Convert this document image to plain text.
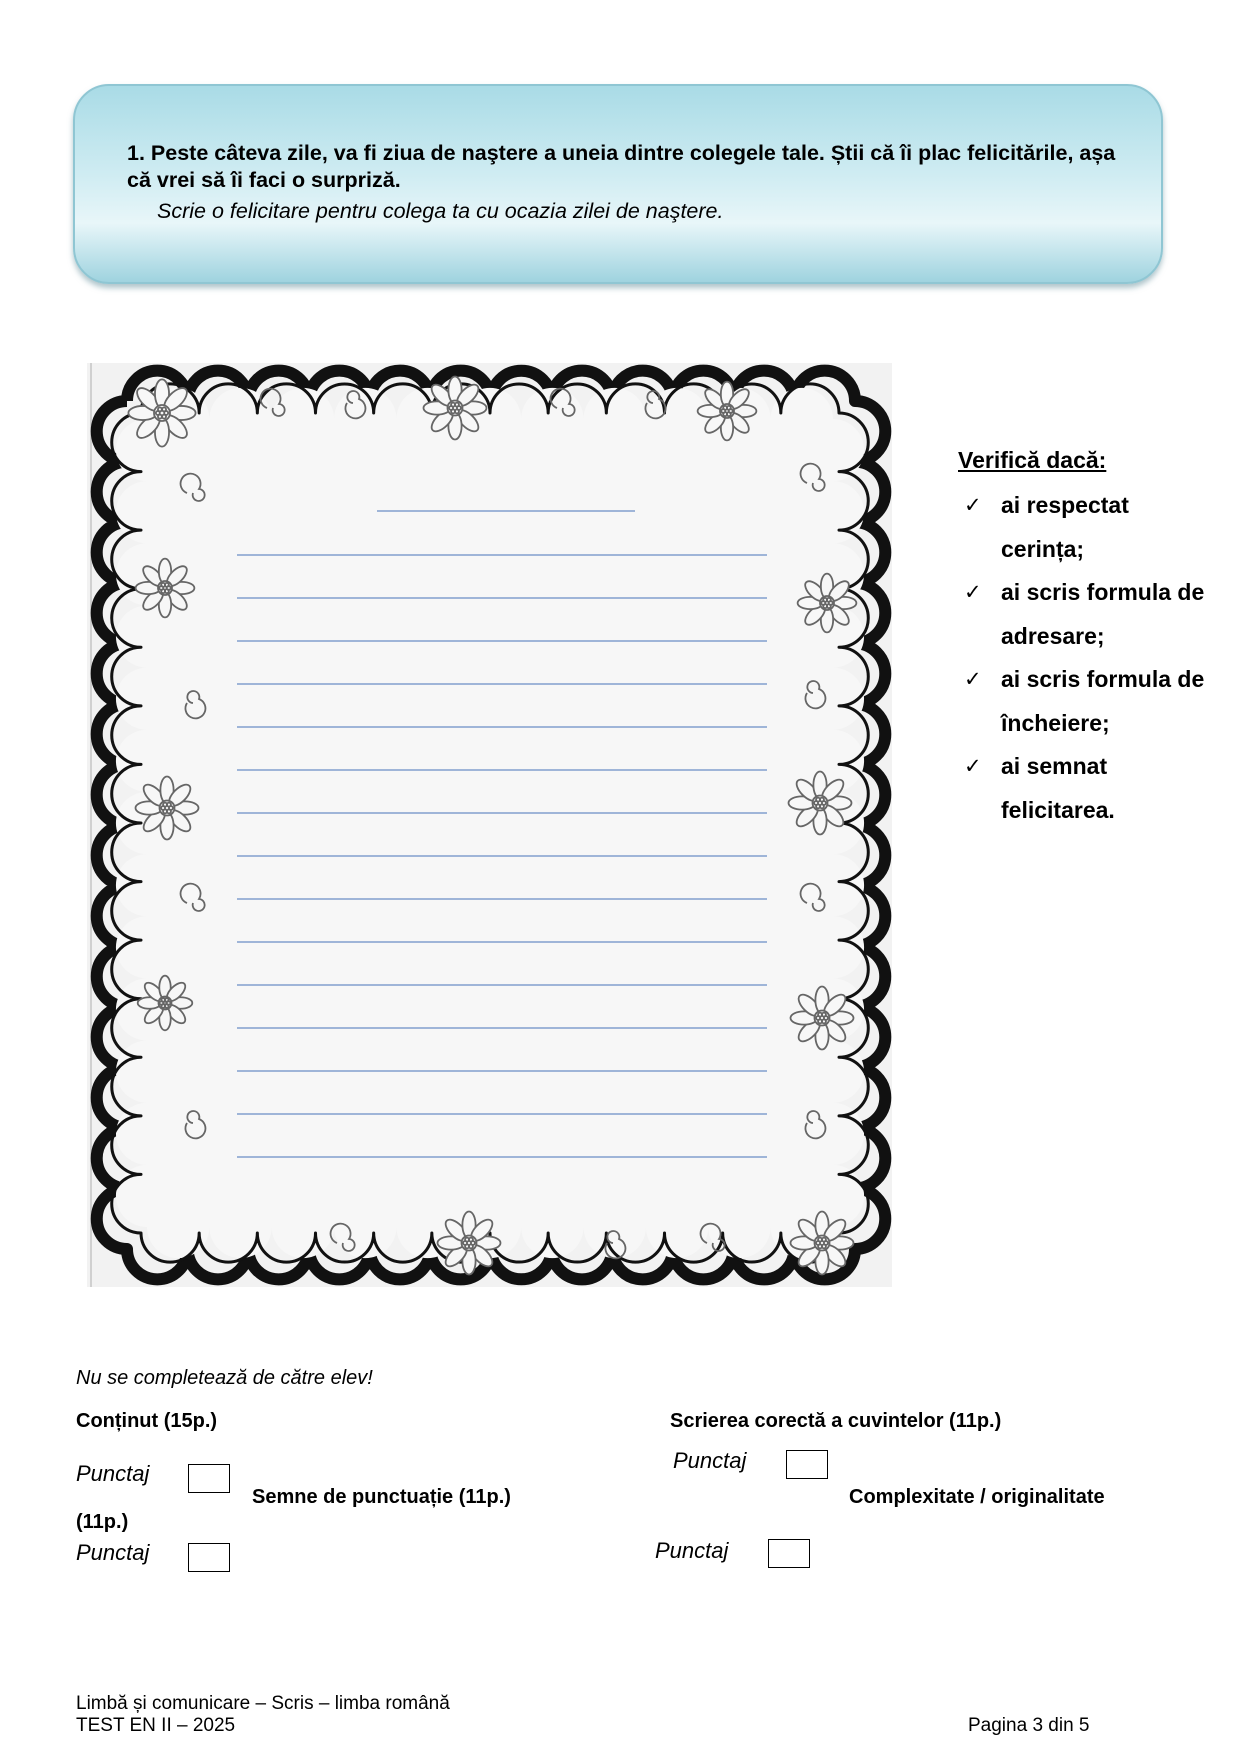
1. Peste câteva zile, va fi ziua de naştere a uneia dintre colegele tale. Știi că îi plac felicitările, așa că vrei să îi faci o surpriză.

Scrie o felicitare pentru colega ta cu ocazia zilei de naştere.

Verifică dacă:

✓ ai respectat cerința;
✓ ai scris formula de adresare;
✓ ai scris formula de încheiere;
✓ ai semnat felicitarea.

Nu se completează de către elev!

Conținut (15p.)

Punctaj

Semne de punctuație (11p.)

(11p.)

Punctaj

Scrierea corectă a cuvintelor (11p.)

Punctaj

Complexitate / originalitate

Punctaj

Limbă și comunicare – Scris – limba română

TEST EN II – 2025	Pagina 3 din 5
